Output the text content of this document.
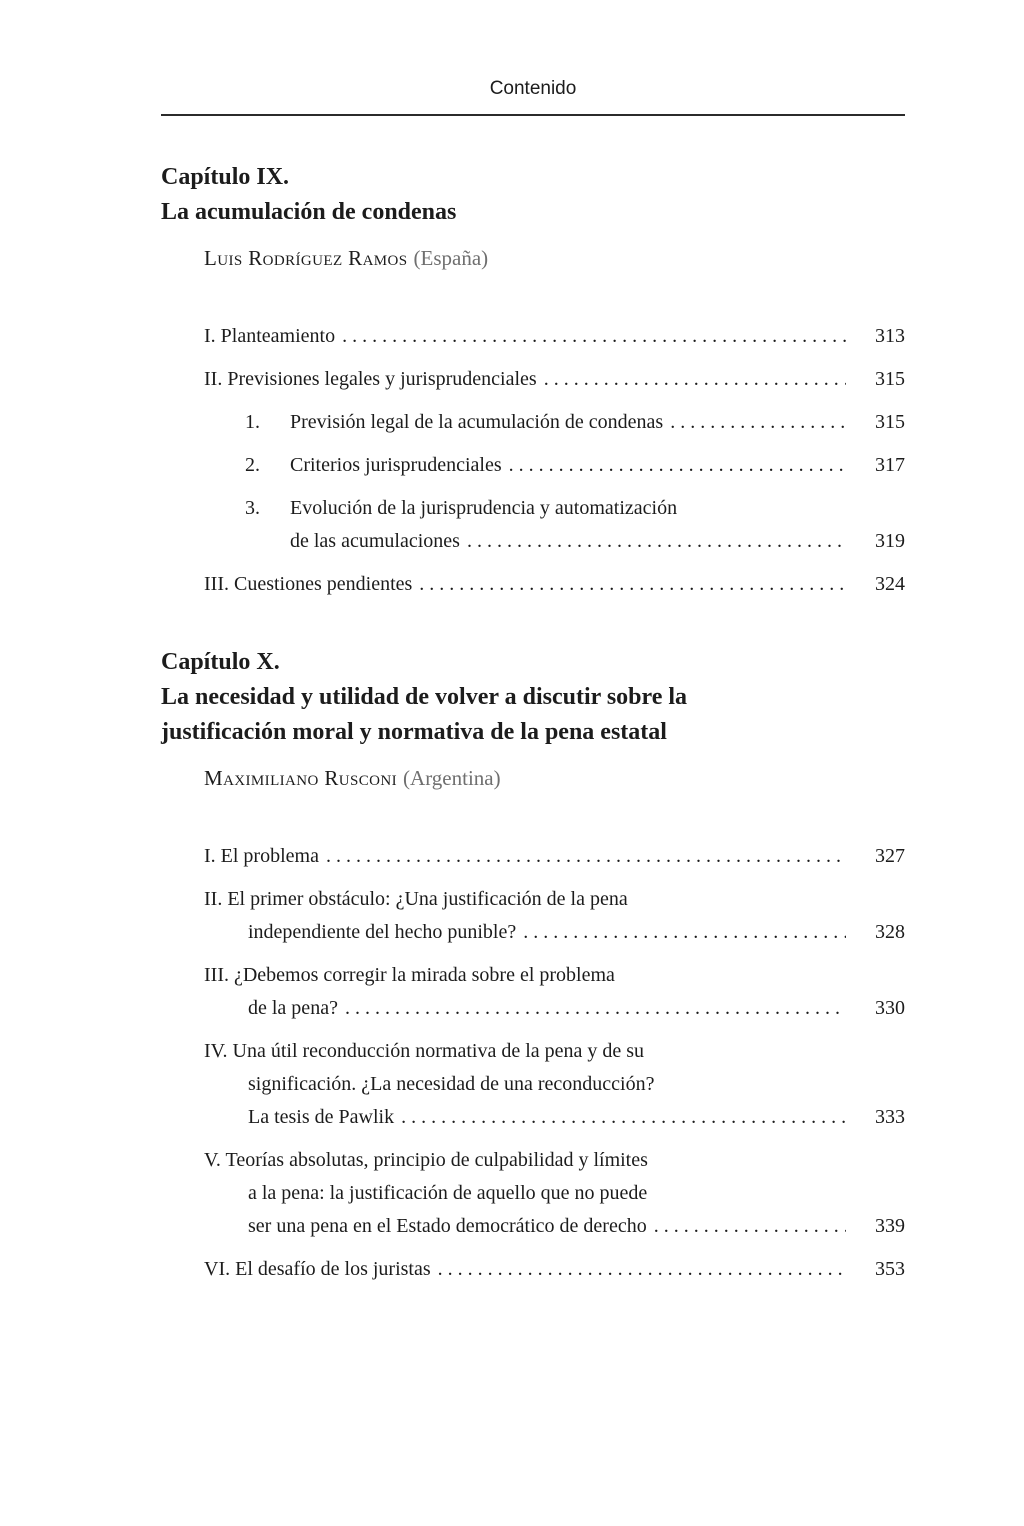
Contenido
Capítulo IX.
La acumulación de condenas

Luis Rodríguez Ramos (España)

I. Planteamiento .....	313
II. Previsiones legales y jurisprudenciales .....	315
1.	Previsión legal de la acumulación de condenas .....	315
2.	Criterios jurisprudenciales .....	317
3.	Evolución de la jurisprudencia y automatización
de las acumulaciones .....	319
III. Cuestiones pendientes .....	324
Capítulo X.
La necesidad y utilidad de volver a discutir sobre la
justificación moral y normativa de la pena estatal

Maximiliano Rusconi (Argentina)

I. El problema .....	327
II. El primer obstáculo: ¿Una justificación de la pena
independiente del hecho punible? .....	328
III. ¿Debemos corregir la mirada sobre el problema
de la pena? .....	330
IV. Una útil reconducción normativa de la pena y de su
significación. ¿La necesidad de una reconducción?
La tesis de Pawlik .....	333
V. Teorías absolutas, principio de culpabilidad y límites
a la pena: la justificación de aquello que no puede
ser una pena en el Estado democrático de derecho .....	339
VI. El desafío de los juristas .....	353
